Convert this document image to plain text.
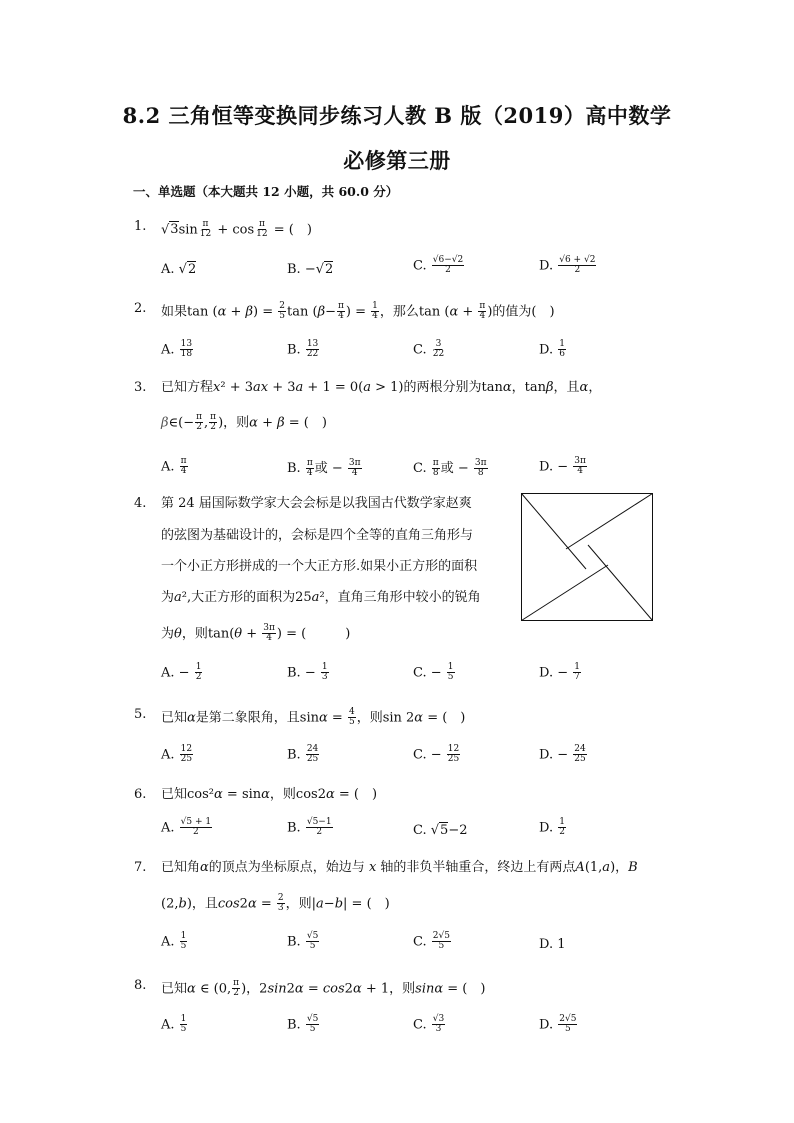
8.2 三角恒等变换同步练习人教 B 版（2019）高中数学
必修第三册
一、单选题（本大题共 12 小题，共 60.0 分）
1. $√3\sin \frac{\pi}{12} + \cos \frac{\pi}{12}$ = (　)
A. √2	B. −√2	C. $\frac{√6-√2}{2}$	D. $\frac{√6 + √2}{2}$
2. 如果$\tan (\alpha + \beta) = \frac{2}{5}$ $\tan (\beta- \frac{\pi}{4}$ ) = $\frac{1}{4}$ ，那么$\tan (\alpha + \frac{\pi}{4}$ )的值为(　)
A. $\frac{13}{18}$	B. $\frac{13}{22}$	C. $\frac{3}{22}$	D. $\frac{1}{6}$
3. 已知方程x² + 3ax + 3a + 1 = 0(a > 1)的两根分别为tanα，tanβ，且α，
β∈(− $\frac{\pi}{2}$ , $\frac{\pi}{2}$ )，则α + β = (　)
A. $\frac{\pi}{4}$	B. $\frac{\pi}{4}$ 或 − $\frac{3\pi}{4}$	C. $\frac{\pi}{8}$ 或 − $\frac{3\pi}{8}$	D. − $\frac{3\pi}{4}$
4. 第 24 届国际数学家大会会标是以我国古代数学家赵爽
的弦图为基础设计的，会标是四个全等的直角三角形与
一个小正方形拼成的一个大正方形.如果小正方形的面积
为a²,大正方形的面积为25a²，直角三角形中较小的锐角
为θ，则$\tan(\theta + \frac{3\pi}{4}$ ) = (　　　)
A. − $\frac{1}{2}$	B. − $\frac{1}{3}$	C. − $\frac{1}{5}$	D. − $\frac{1}{7}$
5. 已知α是第二象限角，且$\sin\alpha = \frac{4}{5}$ ，则sin 2α = (　)
A. $\frac{12}{25}$	B. $\frac{24}{25}$	C. − $\frac{12}{25}$	D. − $\frac{24}{25}$
6. 已知cos²α = sinα，则cos2α = (　)
A. $\frac{√5 + 1}{2}$	B. $\frac{√5-1}{2}$	C. √5−2	D. $\frac{1}{2}$
7. 已知角α的顶点为坐标原点，始边与 x 轴的非负半轴重合，终边上有两点A(1,a)，B
(2,b)，且$\cos 2\alpha = \frac{2}{3}$ ，则|a−b| = (　)
A. $\frac{1}{5}$	B. $\frac{√5}{5}$	C. $\frac{2√5}{5}$	D. 1
8. 已知α ∈ (0, $\frac{\pi}{2}$ )，2sin2α = cos2α + 1，则sinα = (　)
A. $\frac{1}{5}$	B. $\frac{√5}{5}$	C. $\frac{√3}{3}$	D. $\frac{2√5}{5}$
